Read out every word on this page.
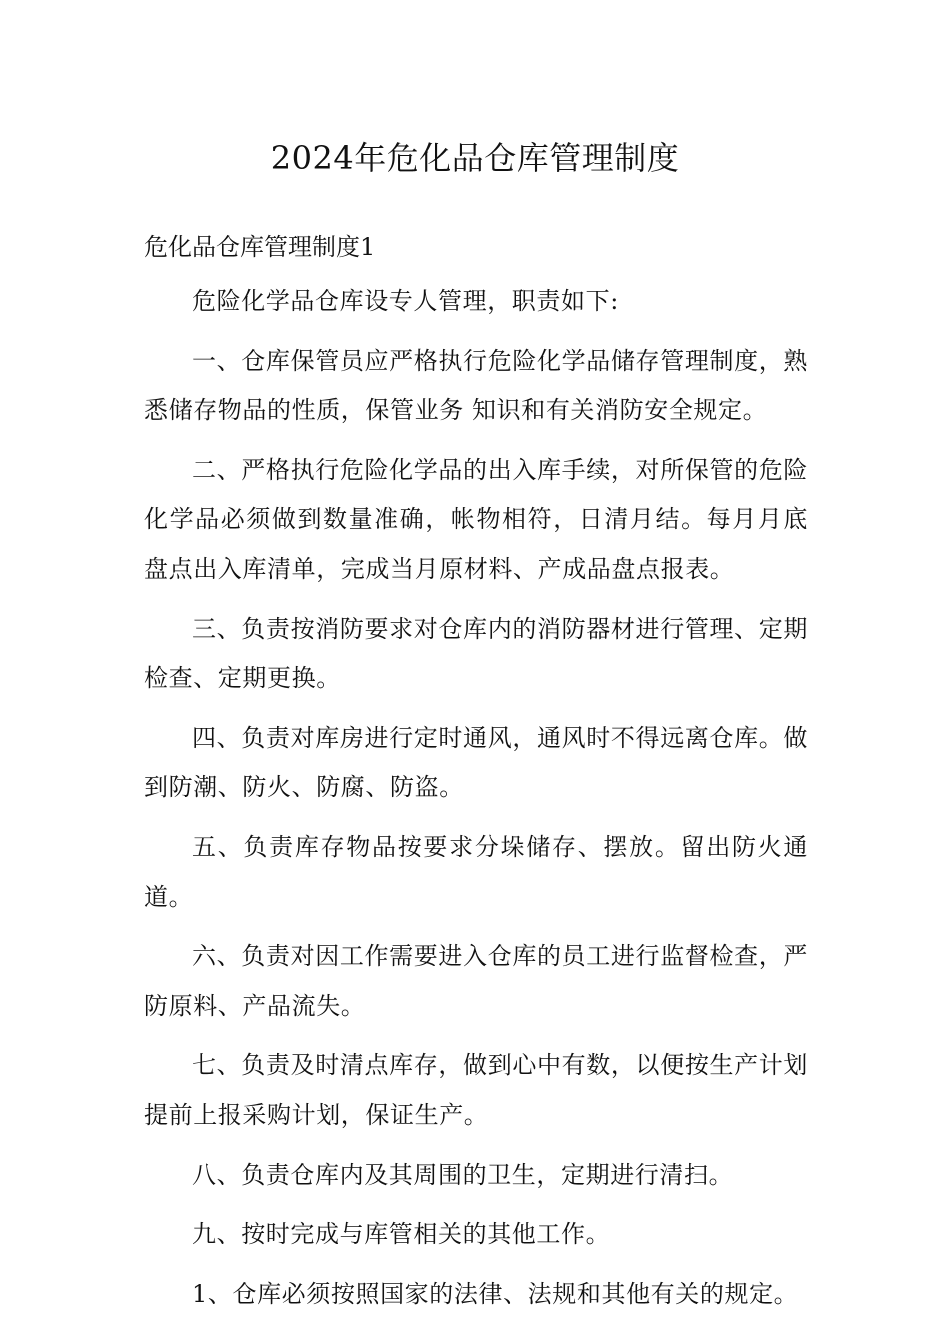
2024年危化品仓库管理制度
危化品仓库管理制度1

危险化学品仓库设专人管理，职责如下:

一、仓库保管员应严格执行危险化学品储存管理制度，熟悉储存物品的性质，保管业务 知识和有关消防安全规定。

二、严格执行危险化学品的出入库手续，对所保管的危险化学品必须做到数量准确，帐物相符，日清月结。每月月底盘点出入库清单，完成当月原材料、产成品盘点报表。

三、负责按消防要求对仓库内的消防器材进行管理、定期检查、定期更换。

四、负责对库房进行定时通风，通风时不得远离仓库。做到防潮、防火、防腐、防盗。

五、负责库存物品按要求分垛储存、摆放。留出防火通道。

六、负责对因工作需要进入仓库的员工进行监督检查，严防原料、产品流失。

七、负责及时清点库存，做到心中有数，以便按生产计划提前上报采购计划，保证生产。

八、负责仓库内及其周围的卫生，定期进行清扫。

九、按时完成与库管相关的其他工作。

1、仓库必须按照国家的法律、法规和其他有关的规定。
